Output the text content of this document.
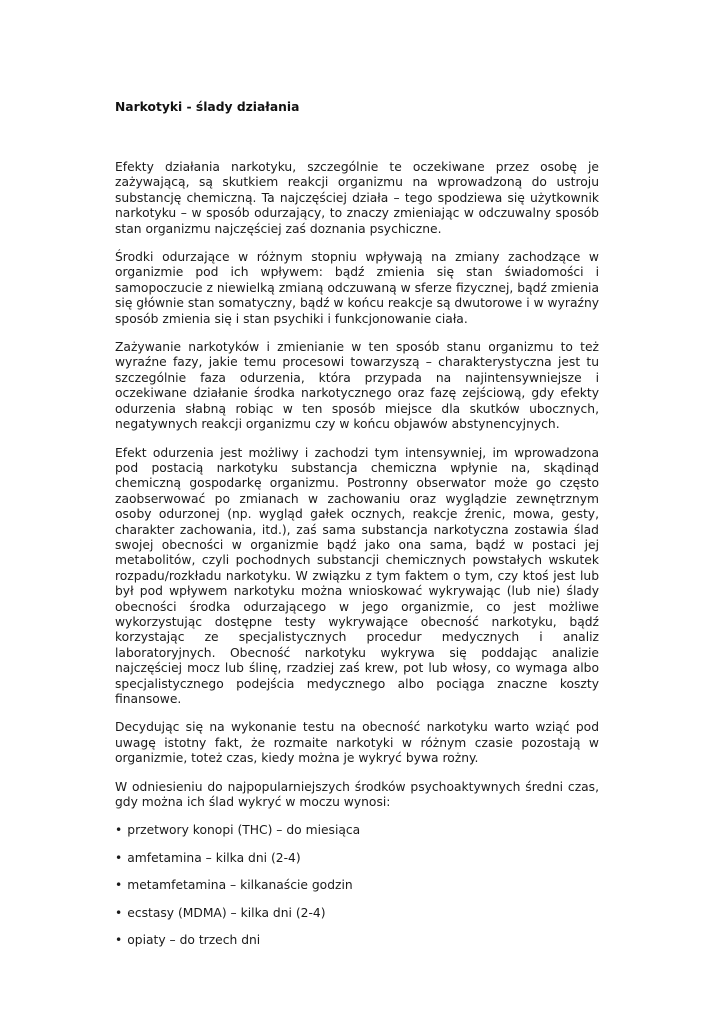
Narkotyki - ślady działania

Efekty działania narkotyku, szczególnie te oczekiwane przez osobę je zażywającą, są skutkiem reakcji organizmu na wprowadzoną do ustroju substancję chemiczną. Ta najczęściej działa – tego spodziewa się użytkownik narkotyku – w sposób odurzający, to znaczy zmieniając w odczuwalny sposób stan organizmu najczęściej zaś doznania psychiczne.

Środki odurzające w różnym stopniu wpływają na zmiany zachodzące w organizmie pod ich wpływem: bądź zmienia się stan świadomości i samopoczucie z niewielką zmianą odczuwaną w sferze fizycznej, bądź zmienia się głównie stan somatyczny, bądź w końcu reakcje są dwutorowe i w wyraźny sposób zmienia się i stan psychiki i funkcjonowanie ciała.

Zażywanie narkotyków i zmienianie w ten sposób stanu organizmu to też wyraźne fazy, jakie temu procesowi towarzyszą – charakterystyczna jest tu szczególnie faza odurzenia, która przypada na najintensywniejsze i oczekiwane działanie środka narkotycznego oraz fazę zejściową, gdy efekty odurzenia słabną robiąc w ten sposób miejsce dla skutków ubocznych, negatywnych reakcji organizmu czy w końcu objawów abstynencyjnych.

Efekt odurzenia jest możliwy i zachodzi tym intensywniej, im wprowadzona pod postacią narkotyku substancja chemiczna wpłynie na, skądinąd chemiczną gospodarkę organizmu. Postronny obserwator może go często zaobserwować po zmianach w zachowaniu oraz wyglądzie zewnętrznym osoby odurzonej (np. wygląd gałek ocznych, reakcje źrenic, mowa, gesty, charakter zachowania, itd.), zaś sama substancja narkotyczna zostawia ślad swojej obecności w organizmie bądź jako ona sama, bądź w postaci jej metabolitów, czyli pochodnych substancji chemicznych powstałych wskutek rozpadu/rozkładu narkotyku. W związku z tym faktem o tym, czy ktoś jest lub był pod wpływem narkotyku można wnioskować wykrywając (lub nie) ślady obecności środka odurzającego w jego organizmie, co jest możliwe wykorzystując dostępne testy wykrywające obecność narkotyku, bądź korzystając ze specjalistycznych procedur medycznych i analiz laboratoryjnych. Obecność narkotyku wykrywa się poddając analizie najczęściej mocz lub ślinę, rzadziej zaś krew, pot lub włosy, co wymaga albo specjalistycznego podejścia medycznego albo pociąga znaczne koszty finansowe.

Decydując się na wykonanie testu na obecność narkotyku warto wziąć pod uwagę istotny fakt, że rozmaite narkotyki w różnym czasie pozostają w organizmie, toteż czas, kiedy można je wykryć bywa rożny.

W odniesieniu do najpopularniejszych środków psychoaktywnych średni czas, gdy można ich ślad wykryć w moczu wynosi:

• przetwory konopi (THC) – do miesiąca
• amfetamina – kilka dni (2-4)
• metamfetamina – kilkanaście godzin
• ecstasy (MDMA) – kilka dni (2-4)
• opiaty – do trzech dni
